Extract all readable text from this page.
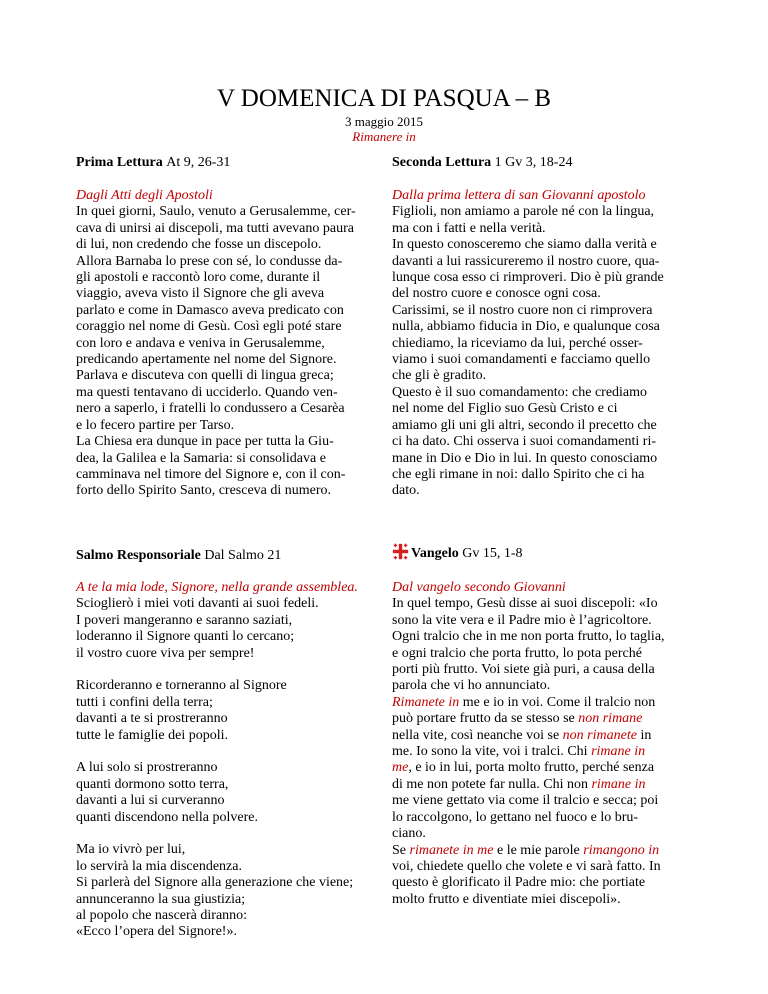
V DOMENICA DI PASQUA – B
3 maggio 2015
Rimanere in

Prima Lettura At 9, 26-31

Dagli Atti degli Apostoli

In quei giorni, Saulo, venuto a Gerusalemme, cer-

cava di unirsi ai discepoli, ma tutti avevano paura

di lui, non credendo che fosse un discepolo.

Allora Barnaba lo prese con sé, lo condusse da-

gli apostoli e raccontò loro come, durante il

viaggio, aveva visto il Signore che gli aveva

parlato e come in Damasco aveva predicato con

coraggio nel nome di Gesù. Così egli poté stare

con loro e andava e veniva in Gerusalemme,

predicando apertamente nel nome del Signore.

Parlava e discuteva con quelli di lingua greca;

ma questi tentavano di ucciderlo. Quando ven-

nero a saperlo, i fratelli lo condussero a Cesarèa

e lo fecero partire per Tarso.

La Chiesa era dunque in pace per tutta la Giu-

dea, la Galilea e la Samaria: si consolidava e

camminava nel timore del Signore e, con il con-

forto dello Spirito Santo, cresceva di numero.

Seconda Lettura 1 Gv 3, 18-24

Dalla prima lettera di san Giovanni apostolo

Figlioli, non amiamo a parole né con la lingua,

ma con i fatti e nella verità.

In questo conosceremo che siamo dalla verità e

davanti a lui rassicureremo il nostro cuore, qua-

lunque cosa esso ci rimproveri. Dio è più grande

del nostro cuore e conosce ogni cosa.

Carissimi, se il nostro cuore non ci rimprovera

nulla, abbiamo fiducia in Dio, e qualunque cosa

chiediamo, la riceviamo da lui, perché osser-

viamo i suoi comandamenti e facciamo quello

che gli è gradito.

Questo è il suo comandamento: che crediamo

nel nome del Figlio suo Gesù Cristo e ci

amiamo gli uni gli altri, secondo il precetto che

ci ha dato. Chi osserva i suoi comandamenti ri-

mane in Dio e Dio in lui. In questo conosciamo

che egli rimane in noi: dallo Spirito che ci ha

dato.

Salmo Responsoriale Dal Salmo 21

A te la mia lode, Signore, nella grande assemblea.

Scioglierò i miei voti davanti ai suoi fedeli.

I poveri mangeranno e saranno saziati,

loderanno il Signore quanti lo cercano;

il vostro cuore viva per sempre!

Ricorderanno e torneranno al Signore

tutti i confini della terra;

davanti a te si prostreranno

tutte le famiglie dei popoli.

A lui solo si prostreranno

quanti dormono sotto terra,

davanti a lui si curveranno

quanti discendono nella polvere.

Ma io vivrò per lui,

lo servirà la mia discendenza.

Si parlerà del Signore alla generazione che viene;

annunceranno la sua giustizia;

al popolo che nascerà diranno:

«Ecco l’opera del Signore!».

Vangelo Gv 15, 1-8

Dal vangelo secondo Giovanni

In quel tempo, Gesù disse ai suoi discepoli: «Io

sono la vite vera e il Padre mio è l’agricoltore.

Ogni tralcio che in me non porta frutto, lo taglia,

e ogni tralcio che porta frutto, lo pota perché

porti più frutto. Voi siete già puri, a causa della

parola che vi ho annunciato.

Rimanete in me e io in voi. Come il tralcio non

può portare frutto da se stesso se non rimane

nella vite, così neanche voi se non rimanete in

me. Io sono la vite, voi i tralci. Chi rimane in

me, e io in lui, porta molto frutto, perché senza

di me non potete far nulla. Chi non rimane in

me viene gettato via come il tralcio e secca; poi

lo raccolgono, lo gettano nel fuoco e lo bru-

ciano.

Se rimanete in me e le mie parole rimangono in

voi, chiedete quello che volete e vi sarà fatto. In

questo è glorificato il Padre mio: che portiate

molto frutto e diventiate miei discepoli».
